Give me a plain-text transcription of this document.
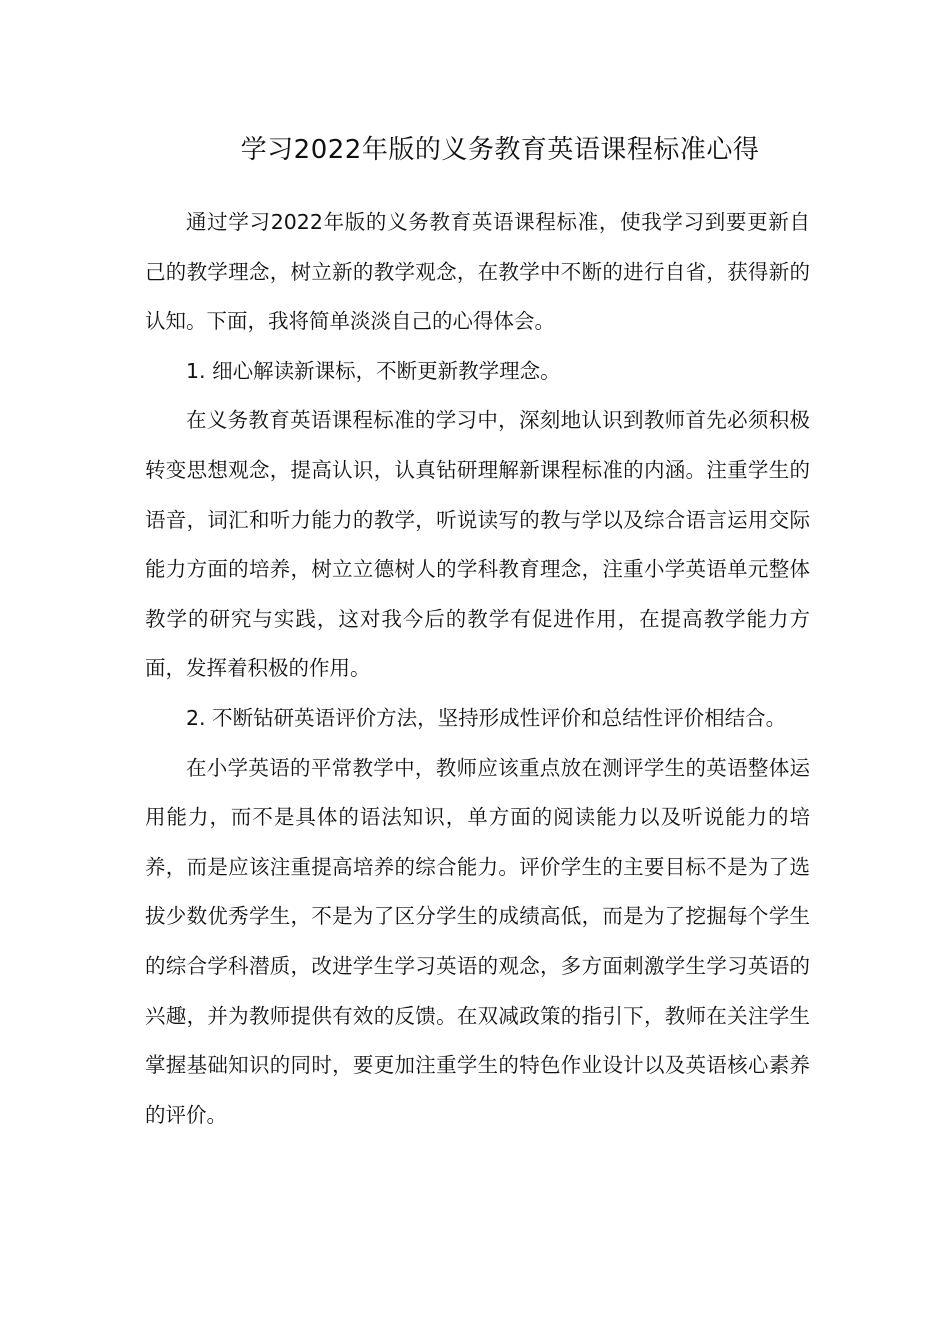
学习2022年版的义务教育英语课程标准心得

通过学习2022年版的义务教育英语课程标准，使我学习到要更新自己的教学理念，树立新的教学观念，在教学中不断的进行自省，获得新的认知。下面，我将简单淡淡自己的心得体会。

1. 细心解读新课标，不断更新教学理念。

在义务教育英语课程标准的学习中，深刻地认识到教师首先必须积极转变思想观念，提高认识，认真钻研理解新课程标准的内涵。注重学生的语音，词汇和听力能力的教学，听说读写的教与学以及综合语言运用交际能力方面的培养，树立立德树人的学科教育理念，注重小学英语单元整体教学的研究与实践，这对我今后的教学有促进作用，在提高教学能力方面，发挥着积极的作用。

2. 不断钻研英语评价方法，坚持形成性评价和总结性评价相结合。

在小学英语的平常教学中，教师应该重点放在测评学生的英语整体运用能力，而不是具体的语法知识，单方面的阅读能力以及听说能力的培养，而是应该注重提高培养的综合能力。评价学生的主要目标不是为了选拔少数优秀学生，不是为了区分学生的成绩高低，而是为了挖掘每个学生的综合学科潜质，改进学生学习英语的观念，多方面刺激学生学习英语的兴趣，并为教师提供有效的反馈。在双减政策的指引下，教师在关注学生掌握基础知识的同时，要更加注重学生的特色作业设计以及英语核心素养的评价。
